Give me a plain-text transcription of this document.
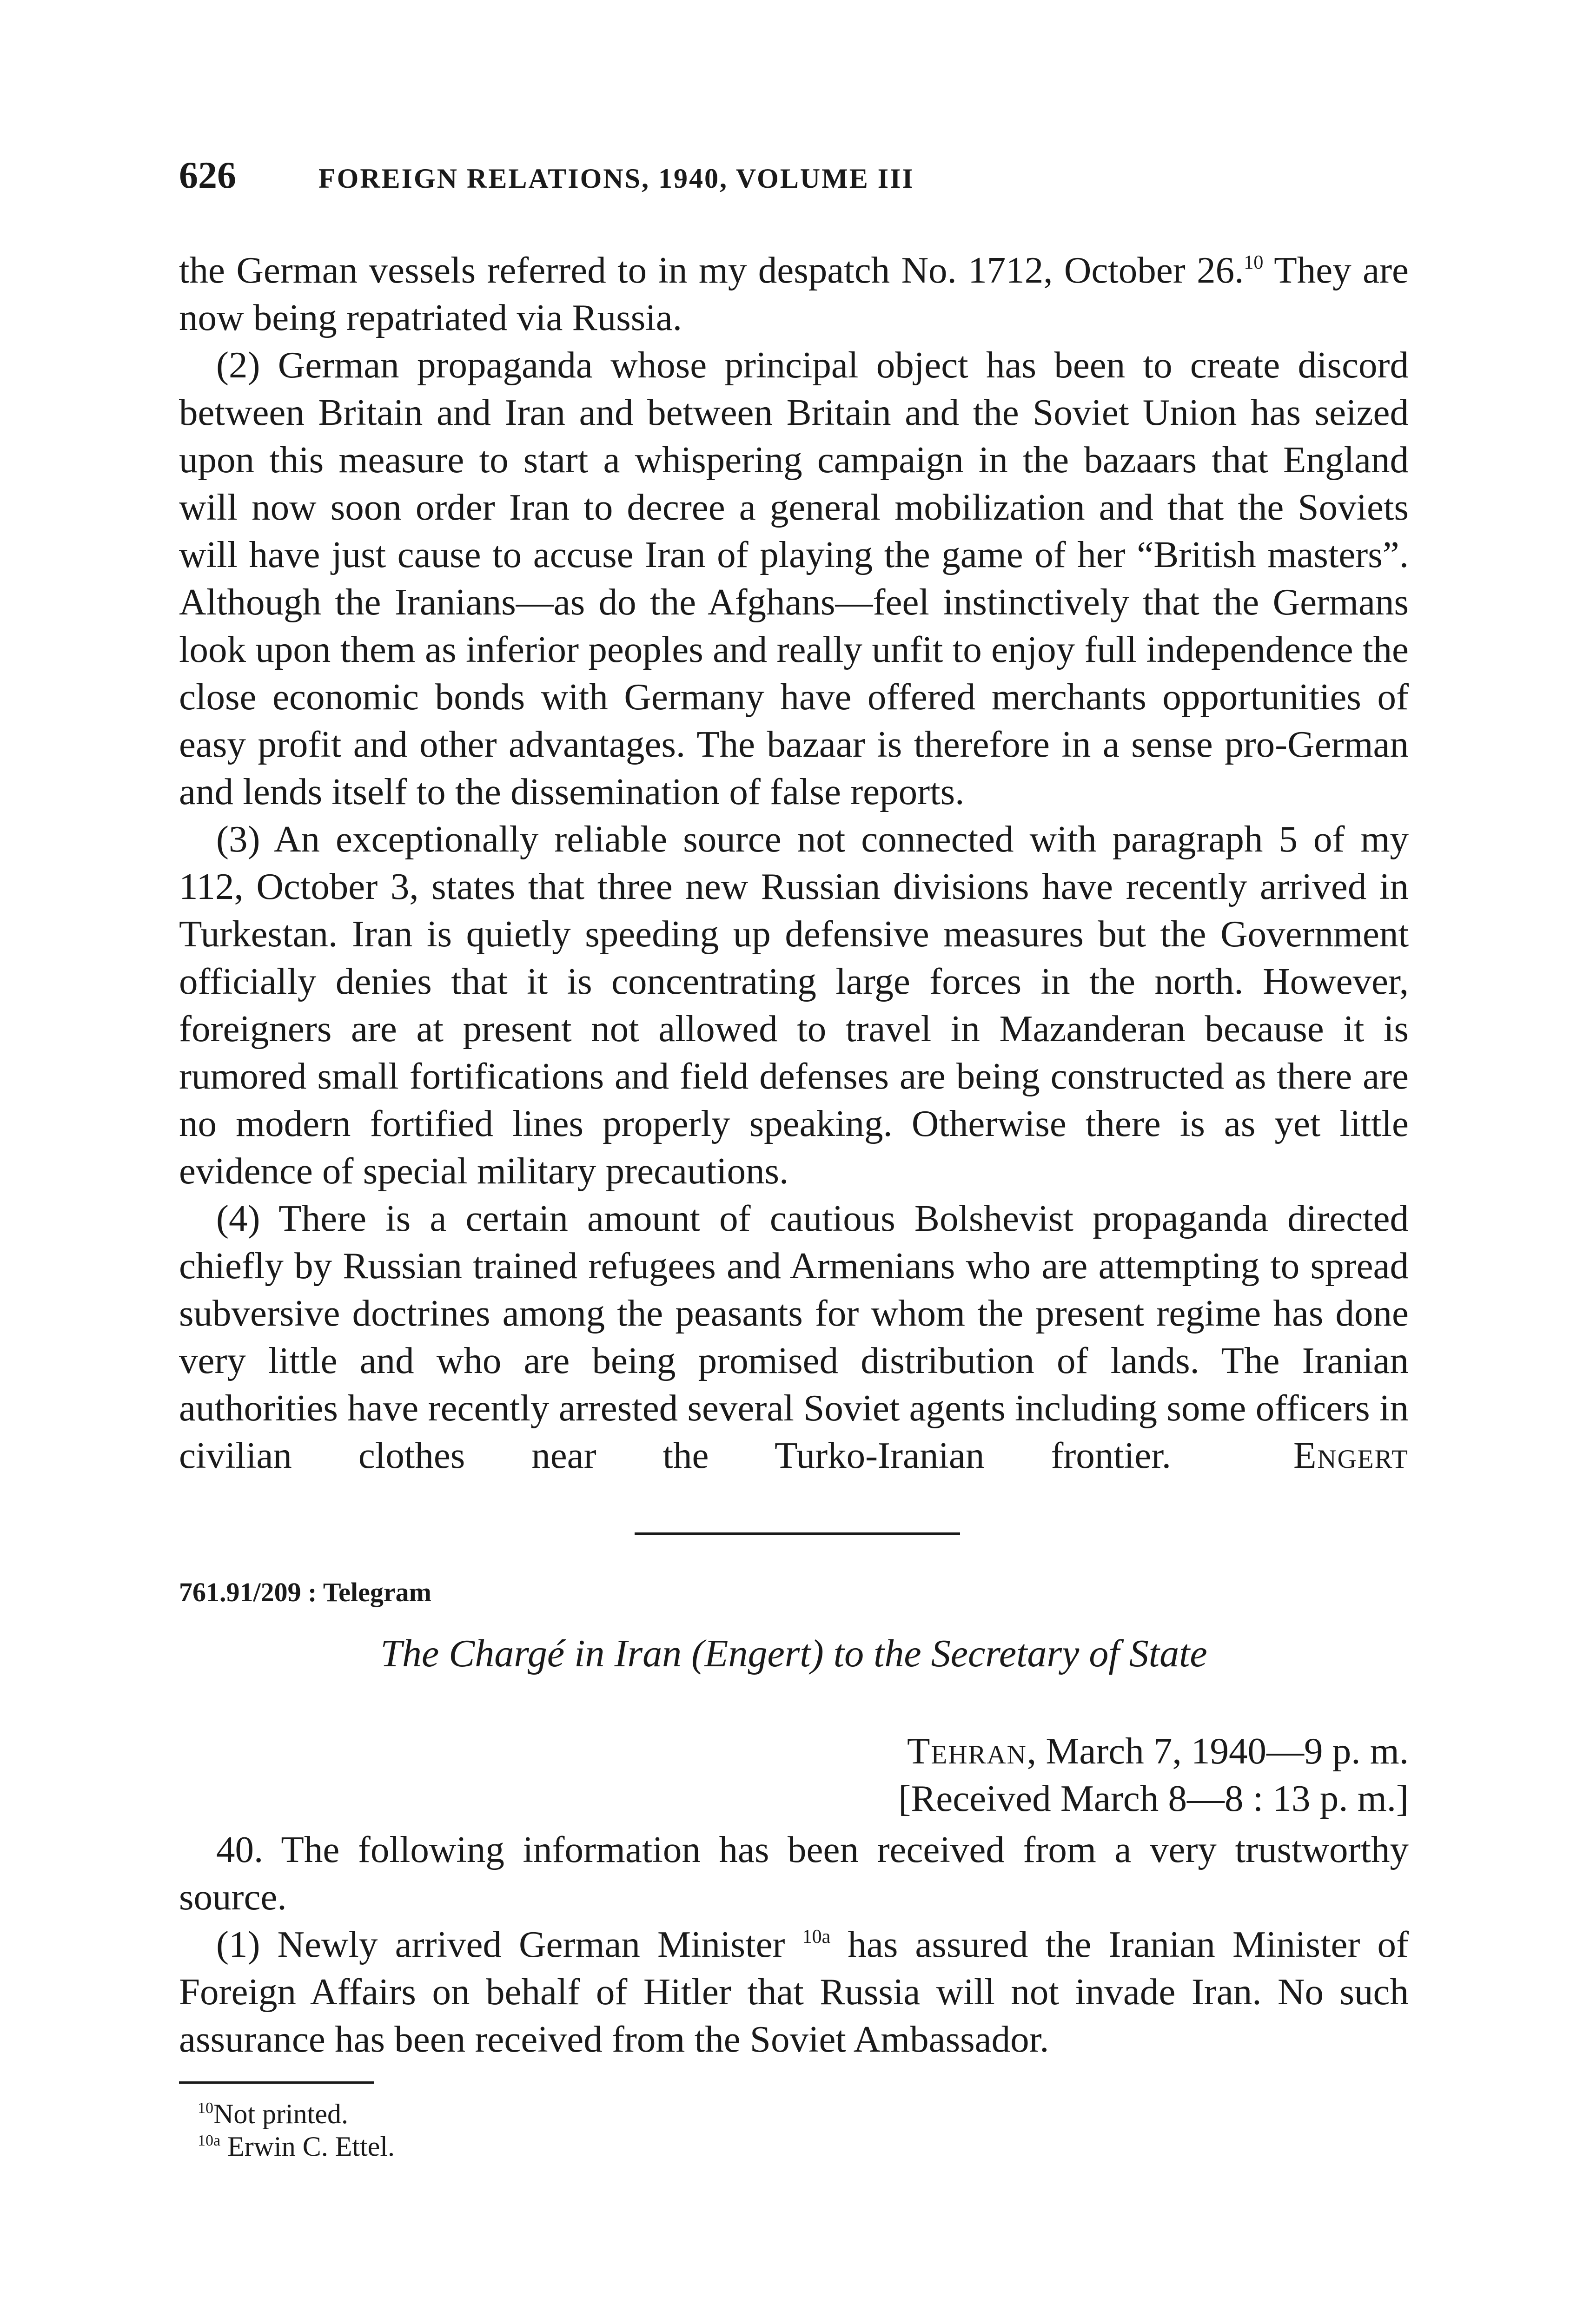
626	FOREIGN RELATIONS, 1940, VOLUME III

the German vessels referred to in my despatch No. 1712, October 26.10 They are now being repatriated via Russia.

(2) German propaganda whose principal object has been to create discord between Britain and Iran and between Britain and the Soviet Union has seized upon this measure to start a whispering campaign in the bazaars that England will now soon order Iran to decree a general mobilization and that the Soviets will have just cause to accuse Iran of playing the game of her “British masters”. Although the Iranians—as do the Afghans—feel instinctively that the Germans look upon them as inferior peoples and really unfit to enjoy full independence the close economic bonds with Germany have offered merchants opportunities of easy profit and other advantages. The bazaar is therefore in a sense pro-German and lends itself to the dissemination of false reports.

(3) An exceptionally reliable source not connected with paragraph 5 of my 112, October 3, states that three new Russian divisions have recently arrived in Turkestan. Iran is quietly speeding up defensive measures but the Government officially denies that it is concentrating large forces in the north. However, foreigners are at present not allowed to travel in Mazanderan because it is rumored small fortifications and field defenses are being constructed as there are no modern fortified lines properly speaking. Otherwise there is as yet little evidence of special military precautions.

(4) There is a certain amount of cautious Bolshevist propaganda directed chiefly by Russian trained refugees and Armenians who are attempting to spread subversive doctrines among the peasants for whom the present regime has done very little and who are being promised distribution of lands. The Iranian authorities have recently arrested several Soviet agents including some officers in civilian clothes near the Turko-Iranian frontier.	Engert

761.91/209 : Telegram
The Chargé in Iran (Engert) to the Secretary of State
Tehran, March 7, 1940—9 p. m.
[Received March 8—8 : 13 p. m.]

40. The following information has been received from a very trustworthy source.

(1) Newly arrived German Minister $^{10a}$ has assured the Iranian Minister of Foreign Affairs on behalf of Hitler that Russia will not invade Iran. No such assurance has been received from the Soviet Ambassador.

$^{10}$Not printed.
$^{10a}$ Erwin C. Ettel.
